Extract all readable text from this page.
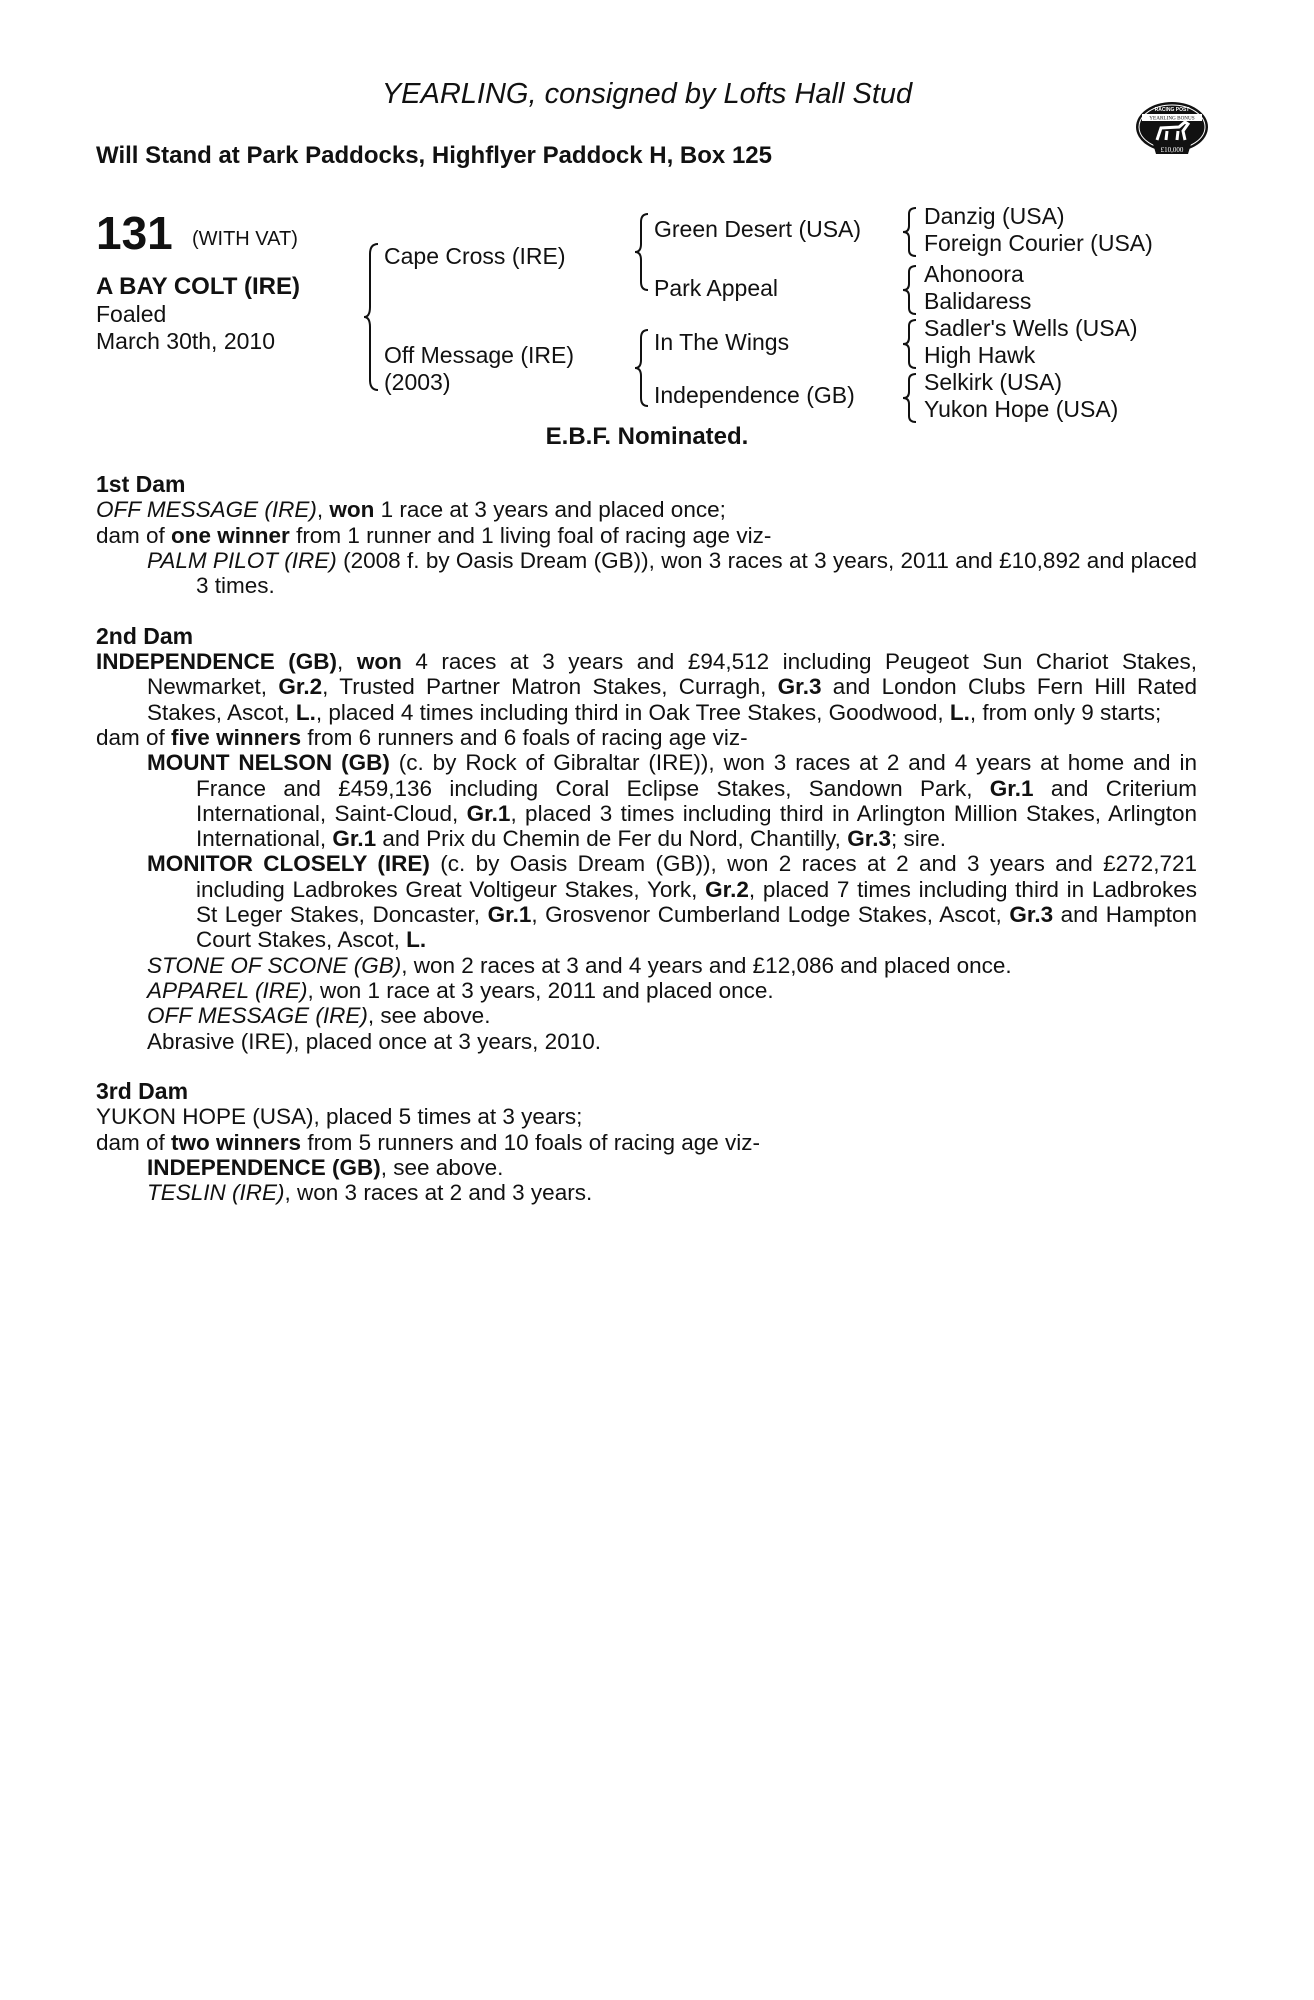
YEARLING, consigned by Lofts Hall Stud
Will Stand at Park Paddocks, Highflyer Paddock H, Box 125
RACING POST
YEARLING BONUS
£10,000
131 (WITH VAT)
A BAY COLT (IRE)
Foaled
March 30th, 2010
Cape Cross (IRE)
Off Message (IRE)
(2003)
Green Desert (USA)
Park Appeal
In The Wings
Independence (GB)
Danzig (USA)
Foreign Courier (USA)
Ahonoora
Balidaress
Sadler's Wells (USA)
High Hawk
Selkirk (USA)
Yukon Hope (USA)
E.B.F. Nominated.
1st Dam
OFF MESSAGE (IRE), won 1 race at 3 years and placed once;
dam of one winner from 1 runner and 1 living foal of racing age viz-
PALM PILOT (IRE) (2008 f. by Oasis Dream (GB)), won 3 races at 3 years, 2011 and £10,892 and placed 3 times.
2nd Dam
INDEPENDENCE (GB), won 4 races at 3 years and £94,512 including Peugeot Sun Chariot Stakes, Newmarket, Gr.2, Trusted Partner Matron Stakes, Curragh, Gr.3 and London Clubs Fern Hill Rated Stakes, Ascot, L., placed 4 times including third in Oak Tree Stakes, Goodwood, L., from only 9 starts;
dam of five winners from 6 runners and 6 foals of racing age viz-
MOUNT NELSON (GB) (c. by Rock of Gibraltar (IRE)), won 3 races at 2 and 4 years at home and in France and £459,136 including Coral Eclipse Stakes, Sandown Park, Gr.1 and Criterium International, Saint-Cloud, Gr.1, placed 3 times including third in Arlington Million Stakes, Arlington International, Gr.1 and Prix du Chemin de Fer du Nord, Chantilly, Gr.3; sire.
MONITOR CLOSELY (IRE) (c. by Oasis Dream (GB)), won 2 races at 2 and 3 years and £272,721 including Ladbrokes Great Voltigeur Stakes, York, Gr.2, placed 7 times including third in Ladbrokes St Leger Stakes, Doncaster, Gr.1, Grosvenor Cumberland Lodge Stakes, Ascot, Gr.3 and Hampton Court Stakes, Ascot, L.
STONE OF SCONE (GB), won 2 races at 3 and 4 years and £12,086 and placed once.
APPAREL (IRE), won 1 race at 3 years, 2011 and placed once.
OFF MESSAGE (IRE), see above.
Abrasive (IRE), placed once at 3 years, 2010.
3rd Dam
YUKON HOPE (USA), placed 5 times at 3 years;
dam of two winners from 5 runners and 10 foals of racing age viz-
INDEPENDENCE (GB), see above.
TESLIN (IRE), won 3 races at 2 and 3 years.
